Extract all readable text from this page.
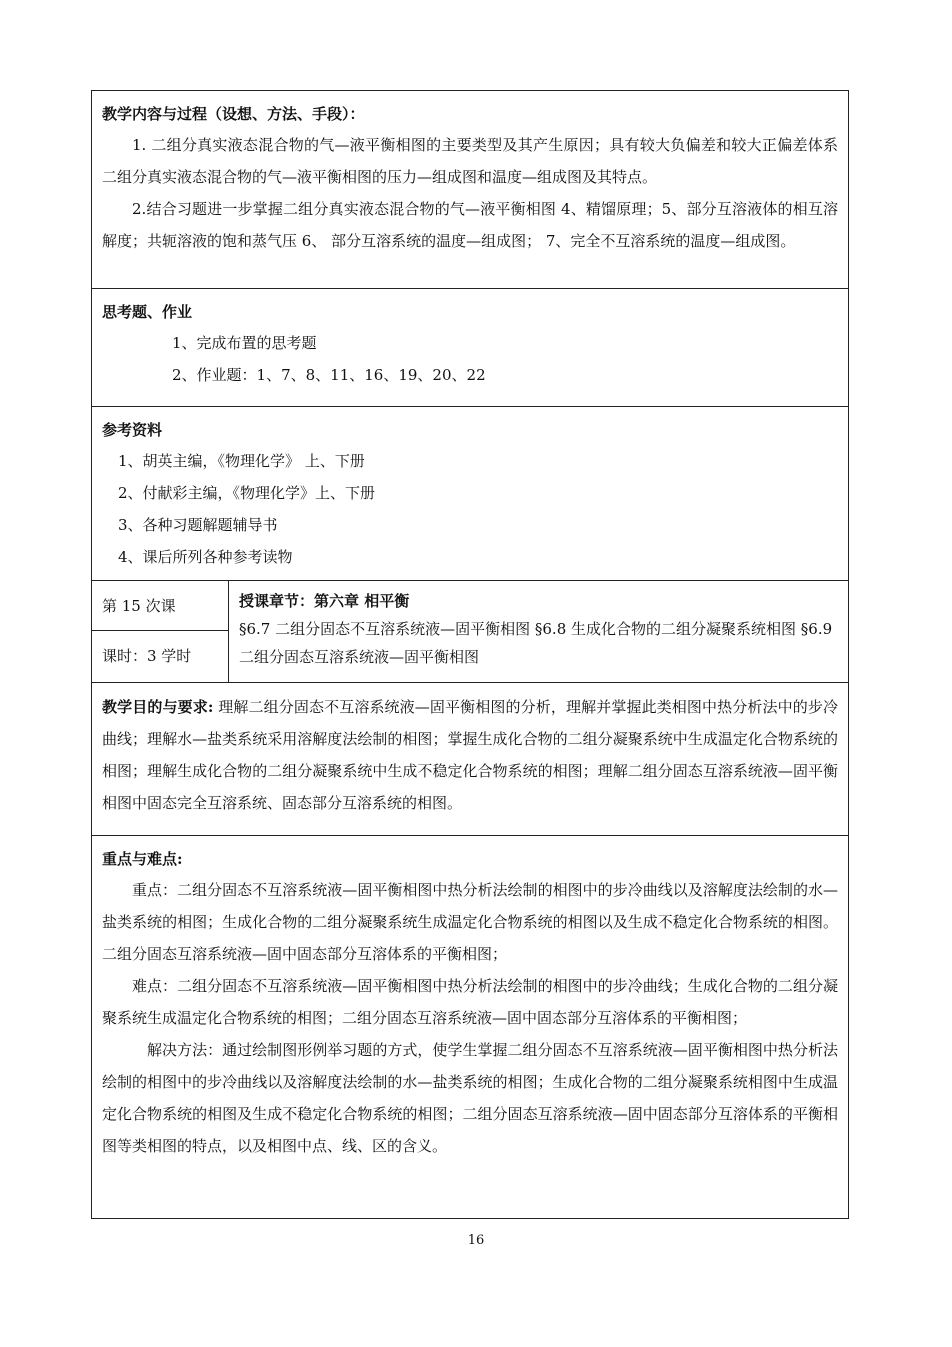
教学内容与过程（设想、方法、手段）：

1. 二组分真实液态混合物的气—液平衡相图的主要类型及其产生原因；具有较大负偏差和较大正偏差体系二组分真实液态混合物的气—液平衡相图的压力—组成图和温度—组成图及其特点。

2.结合习题进一步掌握二组分真实液态混合物的气—液平衡相图 4、精馏原理；5、部分互溶液体的相互溶解度；共轭溶液的饱和蒸气压 6、 部分互溶系统的温度—组成图； 7、完全不互溶系统的温度—组成图。

思考题、作业
1、完成布置的思考题
2、作业题：1、7、8、11、16、19、20、22
参考资料
1、胡英主编，《物理化学》 上、下册
2、付献彩主编，《物理化学》上、下册
3、各种习题解题辅导书
4、课后所列各种参考读物
第 15 次课
课时：3 学时
授课章节：第六章 相平衡

§6.7 二组分固态不互溶系统液—固平衡相图 §6.8 生成化合物的二组分凝聚系统相图 §6.9 二组分固态互溶系统液—固平衡相图

教学目的与要求: 理解二组分固态不互溶系统液—固平衡相图的分析，理解并掌握此类相图中热分析法中的步冷曲线；理解水—盐类系统采用溶解度法绘制的相图；掌握生成化合物的二组分凝聚系统中生成温定化合物系统的相图；理解生成化合物的二组分凝聚系统中生成不稳定化合物系统的相图；理解二组分固态互溶系统液—固平衡相图中固态完全互溶系统、固态部分互溶系统的相图。

重点与难点:

重点：二组分固态不互溶系统液—固平衡相图中热分析法绘制的相图中的步冷曲线以及溶解度法绘制的水—盐类系统的相图；生成化合物的二组分凝聚系统生成温定化合物系统的相图以及生成不稳定化合物系统的相图。 二组分固态互溶系统液—固中固态部分互溶体系的平衡相图；

难点：二组分固态不互溶系统液—固平衡相图中热分析法绘制的相图中的步冷曲线；生成化合物的二组分凝聚系统生成温定化合物系统的相图；二组分固态互溶系统液—固中固态部分互溶体系的平衡相图；

解决方法：通过绘制图形例举习题的方式，使学生掌握二组分固态不互溶系统液—固平衡相图中热分析法绘制的相图中的步冷曲线以及溶解度法绘制的水—盐类系统的相图；生成化合物的二组分凝聚系统相图中生成温定化合物系统的相图及生成不稳定化合物系统的相图；二组分固态互溶系统液—固中固态部分互溶体系的平衡相图等类相图的特点，以及相图中点、线、区的含义。

16
